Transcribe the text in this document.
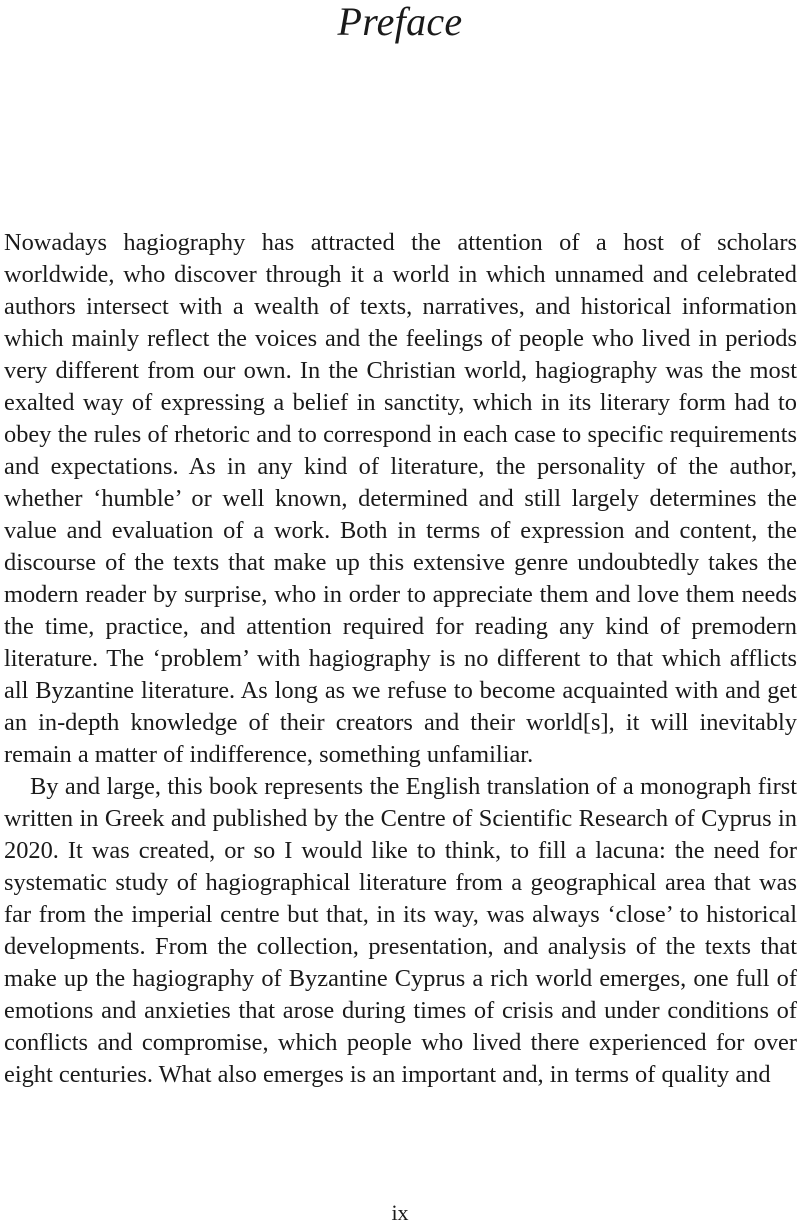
Preface

Nowadays hagiography has attracted the attention of a host of scholars worldwide, who discover through it a world in which unnamed and celebrated authors intersect with a wealth of texts, narratives, and historical information which mainly reflect the voices and the feelings of people who lived in periods very different from our own. In the Christian world, hagiography was the most exalted way of expressing a belief in sanctity, which in its literary form had to obey the rules of rhetoric and to correspond in each case to specific requirements and expectations. As in any kind of literature, the personality of the author, whether ‘humble’ or well known, determined and still largely determines the value and evaluation of a work. Both in terms of expression and content, the discourse of the texts that make up this extensive genre undoubtedly takes the modern reader by surprise, who in order to appreciate them and love them needs the time, practice, and attention required for reading any kind of premodern literature. The ‘problem’ with hagiography is no different to that which afflicts all Byzantine literature. As long as we refuse to become acquainted with and get an in-depth knowledge of their creators and their world[s], it will inevitably remain a matter of indifference, something unfamiliar.

By and large, this book represents the English translation of a monograph first written in Greek and published by the Centre of Scientific Research of Cyprus in 2020. It was created, or so I would like to think, to fill a lacuna: the need for systematic study of hagiographical literature from a geographical area that was far from the imperial centre but that, in its way, was always ‘close’ to historical developments. From the collection, presentation, and analysis of the texts that make up the hagiography of Byzantine Cyprus a rich world emerges, one full of emotions and anxieties that arose during times of crisis and under conditions of conflicts and compromise, which people who lived there experienced for over eight centuries. What also emerges is an important and, in terms of quality and

ix
